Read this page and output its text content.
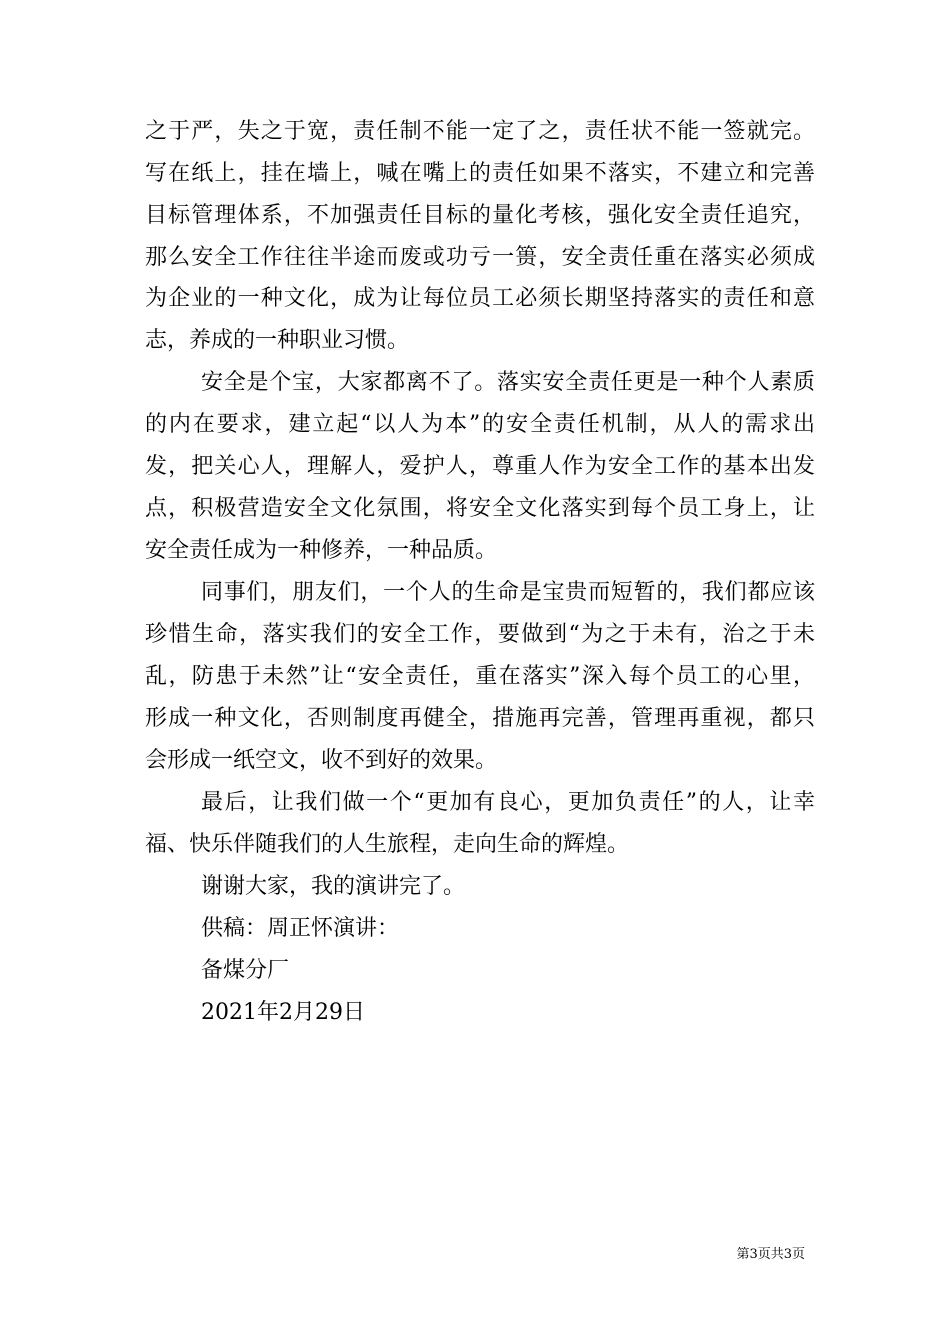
之于严，失之于宽，责任制不能一定了之，责任状不能一签就完。
写在纸上，挂在墙上，喊在嘴上的责任如果不落实，不建立和完善
目标管理体系，不加强责任目标的量化考核，强化安全责任追究，
那么安全工作往往半途而废或功亏一篑，安全责任重在落实必须成
为企业的一种文化，成为让每位员工必须长期坚持落实的责任和意
志，养成的一种职业习惯。
安全是个宝，大家都离不了。落实安全责任更是一种个人素质
的内在要求，建立起“以人为本”的安全责任机制，从人的需求出
发，把关心人，理解人，爱护人，尊重人作为安全工作的基本出发
点，积极营造安全文化氛围，将安全文化落实到每个员工身上，让
安全责任成为一种修养，一种品质。
同事们，朋友们，一个人的生命是宝贵而短暂的，我们都应该
珍惜生命，落实我们的安全工作，要做到“为之于未有，治之于未
乱，防患于未然”让“安全责任，重在落实”深入每个员工的心里，
形成一种文化，否则制度再健全，措施再完善，管理再重视，都只
会形成一纸空文，收不到好的效果。
最后，让我们做一个“更加有良心，更加负责任”的人，让幸
福、快乐伴随我们的人生旅程，走向生命的辉煌。
谢谢大家，我的演讲完了。
供稿：周正怀演讲：
备煤分厂
2021年2月29日
第3页共3页
